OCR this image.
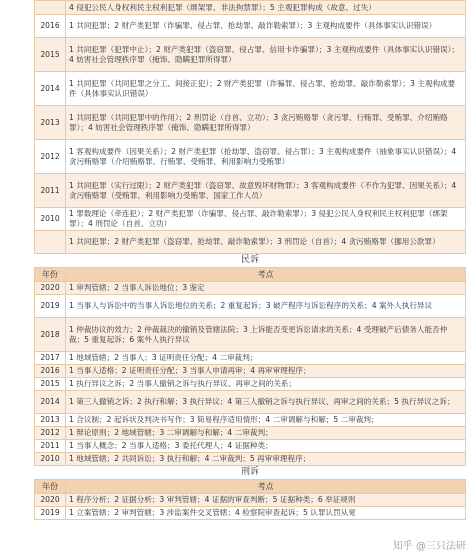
	4 侵犯公民人身权利民主权利犯罪（绑架罪、非法拘禁罪）；5 主观犯罪构成（故意、过失）
2016	1 共同犯罪；2 财产类犯罪（诈骗罪、侵占罪、抢劫罪、敲诈勒索罪）；3 主观构成要件（具体事实认识错误）
2015	1 共同犯罪（犯罪中止）；2 财产类犯罪（盗窃罪、侵占罪、信用卡诈骗罪）；3 主观构成要件（具体事实认识错误）；4 妨害社会管理秩序罪（掩饰、隐瞒犯罪所得罪）
2014	1 共同犯罪（共同犯罪之分工、间接正犯）；2 财产类犯罪（诈骗罪、侵占罪、抢劫罪、敲诈勒索罪）；3 主观构成要件（具体事实认识错误）
2013	1 共同犯罪（共同犯罪中的作用）；2 刑罚论（自首、立功）；3 贪污贿赂罪（贪污罪、行贿罪、受贿罪、介绍贿赂罪）；4 妨害社会管理秩序罪（掩饰、隐瞒犯罪所得罪）
2012	1 客观构成要件（因果关系）；2 财产类犯罪（抢劫罪、盗窃罪、侵占罪）；3 主观构成要件（抽象事实认识错误）；4 贪污贿赂罪（介绍贿赂罪、行贿罪、受贿罪、利用影响力受贿罪）
2011	1 共同犯罪（实行过限）；2 财产类犯罪（盗窃罪、故意毁坏财物罪）；3 客观构成要件（不作为犯罪、因果关系）；4 贪污贿赂罪（受贿罪、利用影响力受贿罪、国家工作人员）
2010	1 罪数理论（牵连犯）；2 财产类犯罪（诈骗罪、侵占罪、敲诈勒索罪）；3 侵犯公民人身权利民主权利犯罪（绑架罪）；4 刑罚论（自首、立功）
	1 共同犯罪；2 财产类犯罪（盗窃罪、抢劫罪、敲诈勒索罪）；3 刑罚论（自首）；4 贪污贿赂罪（挪用公款罪）
民诉
年份	考点
2020	1 审判管辖；2 当事人诉讼地位；3 鉴定
2019	1 当事人与诉讼中的当事人诉讼地位的关系；2 重复起诉；3 破产程序与诉讼程序的关系；4 案外人执行异议
2018	1 仲裁协议的效力；2 仲裁裁决的撤销及管辖法院；3 上诉能否变更诉讼请求的关系；4 受理破产后债务人能否仲裁；5 重复起诉；6 案外人执行异议
2017	1 地域管辖；2 当事人；3 证明责任分配；4 二审裁判；
2016	1 当事人适格；2 证明责任分配；3 当事人申请再审；4 再审审理程序；
2015	1 执行异议之诉；2 当事人撤销之诉与执行异议、再审之间的关系；
2014	1 第三人撤销之诉；2 执行和解；3 执行异议；4 第三人撤销之诉与执行异议、再审之间的关系；5 执行异议之诉；
2013	1 合议制；2 起诉状及判决书写作；3 简易程序适用情形；4 二审调解与和解；5 二审裁判；
2012	1 辩论原则；2 地域管辖；3 二审调解与和解；4 二审裁判；
2011	1 当事人概念；2 当事人适格；3 委托代理人；4 证据种类；
2010	1 地域管辖；2 共同诉讼；3 执行和解；4 二审裁判；5 再审审理程序；
刑诉
年份	考点
2020	1 程序分析；2 证据分析；3 审判管辖；4 证据的审查判断；5 证据种类；6 举证规则
2019	1 立案管辖；2 审判管辖；3 涉监案件交叉管辖；4 检察院审查起诉；5 认罪认罚从宽
知乎 @三只法研
